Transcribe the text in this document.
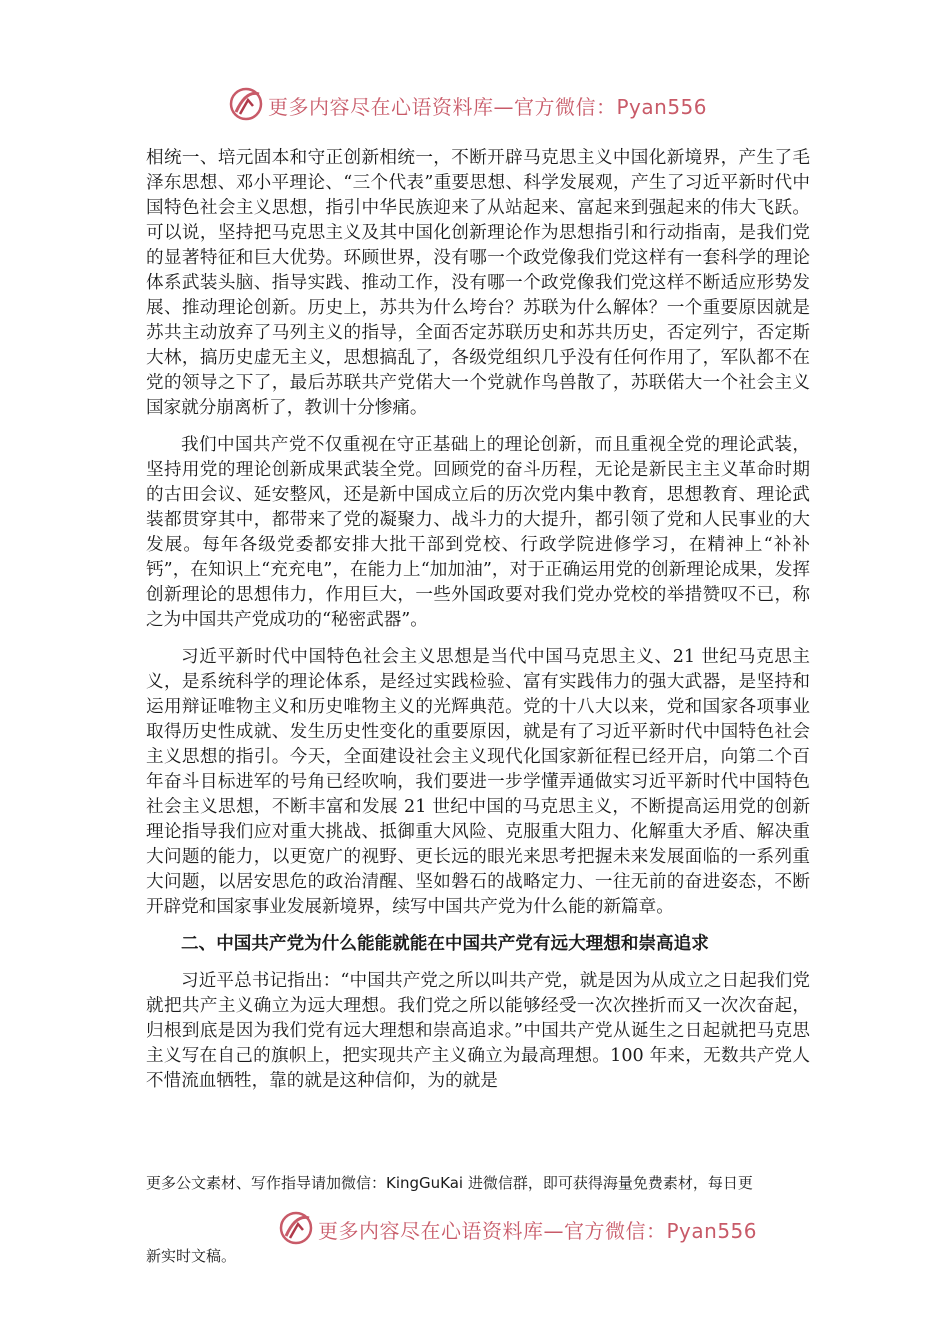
更多内容尽在心语资料库—官方微信：Pyan556

相统一、培元固本和守正创新相统一，不断开辟马克思主义中国化新境界，产生了毛泽东思想、邓小平理论、“三个代表”重要思想、科学发展观，产生了习近平新时代中国特色社会主义思想，指引中华民族迎来了从站起来、富起来到强起来的伟大飞跃。可以说，坚持把马克思主义及其中国化创新理论作为思想指引和行动指南，是我们党的显著特征和巨大优势。环顾世界，没有哪一个政党像我们党这样有一套科学的理论体系武装头脑、指导实践、推动工作，没有哪一个政党像我们党这样不断适应形势发展、推动理论创新。历史上，苏共为什么垮台？苏联为什么解体？一个重要原因就是苏共主动放弃了马列主义的指导，全面否定苏联历史和苏共历史，否定列宁，否定斯大林，搞历史虚无主义，思想搞乱了，各级党组织几乎没有任何作用了，军队都不在党的领导之下了，最后苏联共产党偌大一个党就作鸟兽散了，苏联偌大一个社会主义国家就分崩离析了，教训十分惨痛。

我们中国共产党不仅重视在守正基础上的理论创新，而且重视全党的理论武装，坚持用党的理论创新成果武装全党。回顾党的奋斗历程，无论是新民主主义革命时期的古田会议、延安整风，还是新中国成立后的历次党内集中教育，思想教育、理论武装都贯穿其中，都带来了党的凝聚力、战斗力的大提升，都引领了党和人民事业的大发展。每年各级党委都安排大批干部到党校、行政学院进修学习，在精神上“补补钙”，在知识上“充充电”，在能力上“加加油”，对于正确运用党的创新理论成果，发挥创新理论的思想伟力，作用巨大，一些外国政要对我们党办党校的举措赞叹不已，称之为中国共产党成功的“秘密武器”。

习近平新时代中国特色社会主义思想是当代中国马克思主义、21 世纪马克思主义，是系统科学的理论体系，是经过实践检验、富有实践伟力的强大武器，是坚持和运用辩证唯物主义和历史唯物主义的光辉典范。党的十八大以来，党和国家各项事业取得历史性成就、发生历史性变化的重要原因，就是有了习近平新时代中国特色社会主义思想的指引。今天，全面建设社会主义现代化国家新征程已经开启，向第二个百年奋斗目标进军的号角已经吹响，我们要进一步学懂弄通做实习近平新时代中国特色社会主义思想，不断丰富和发展 21 世纪中国的马克思主义，不断提高运用党的创新理论指导我们应对重大挑战、抵御重大风险、克服重大阻力、化解重大矛盾、解决重大问题的能力，以更宽广的视野、更长远的眼光来思考把握未来发展面临的一系列重大问题，以居安思危的政治清醒、坚如磐石的战略定力、一往无前的奋进姿态，不断开辟党和国家事业发展新境界，续写中国共产党为什么能的新篇章。

二、中国共产党为什么能能就能在中国共产党有远大理想和崇高追求

习近平总书记指出：“中国共产党之所以叫共产党，就是因为从成立之日起我们党就把共产主义确立为远大理想。我们党之所以能够经受一次次挫折而又一次次奋起，归根到底是因为我们党有远大理想和崇高追求。”中国共产党从诞生之日起就把马克思主义写在自己的旗帜上，把实现共产主义确立为最高理想。100 年来，无数共产党人不惜流血牺牲，靠的就是这种信仰，为的就是

更多公文素材、写作指导请加微信：KingGuKai 进微信群，即可获得海量免费素材，每日更
更多内容尽在心语资料库—官方微信：Pyan556
新实时文稿。
